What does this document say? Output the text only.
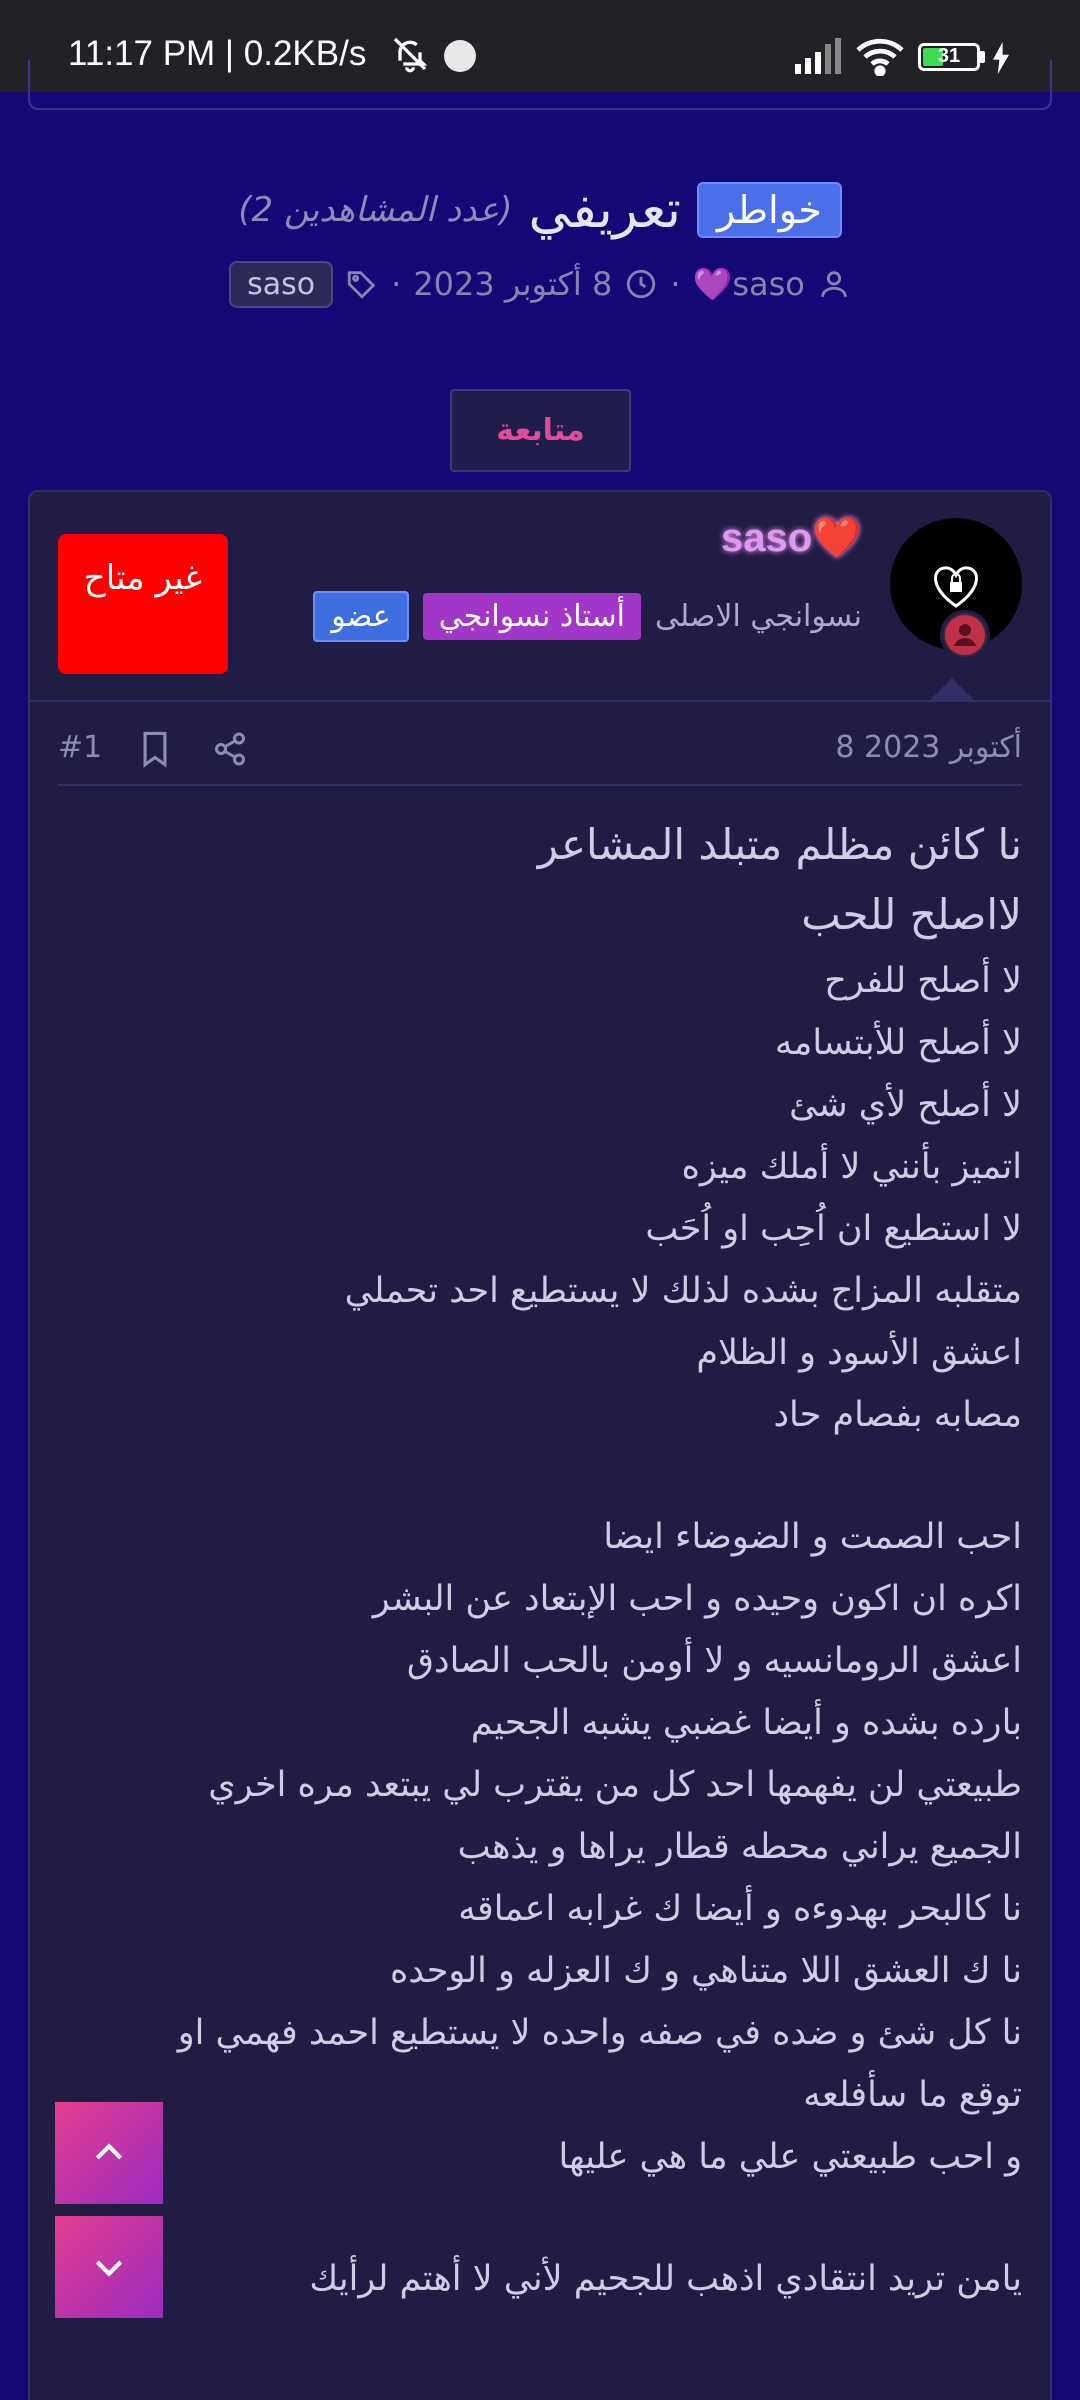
11:17 PM | 0.2KB/s	31
خواطر
تعريفي
(عدد المشاهدين 2)
saso💜
·
8 أكتوبر 2023
·
saso
متابعة
saso❤️
نسوانجي الاصلى
أستاذ نسوانجي
عضو
غير متاح
8 أكتوبر 2023
#1
نا كائن مظلم متبلد المشاعر
لااصلح للحب
لا أصلح للفرح
لا أصلح للأبتسامه
لا أصلح لأي شئ
اتميز بأنني لا أملك ميزه
لا استطيع ان اُحِب او اُحَب
متقلبه المزاج بشده لذلك لا يستطيع احد تحملي
اعشق الأسود و الظلام
مصابه بفصام حاد
احب الصمت و الضوضاء ايضا
اكره ان اكون وحيده و احب الإبتعاد عن البشر
اعشق الرومانسيه و لا أومن بالحب الصادق
بارده بشده و أيضا غضبي يشبه الجحيم
طبيعتي لن يفهمها احد كل من يقترب لي يبتعد مره اخري
الجميع يراني محطه قطار يراها و يذهب
نا كالبحر بهدوءه و أيضا ك غرابه اعماقه
نا ك العشق اللا متناهي و ك العزله و الوحده
نا كل شئ و ضده في صفه واحده لا يستطيع احمد فهمي او
توقع ما سأفلعه
و احب طبيعتي علي ما هي عليها
يامن تريد انتقادي اذهب للجحيم لأني لا أهتم لرأيك
